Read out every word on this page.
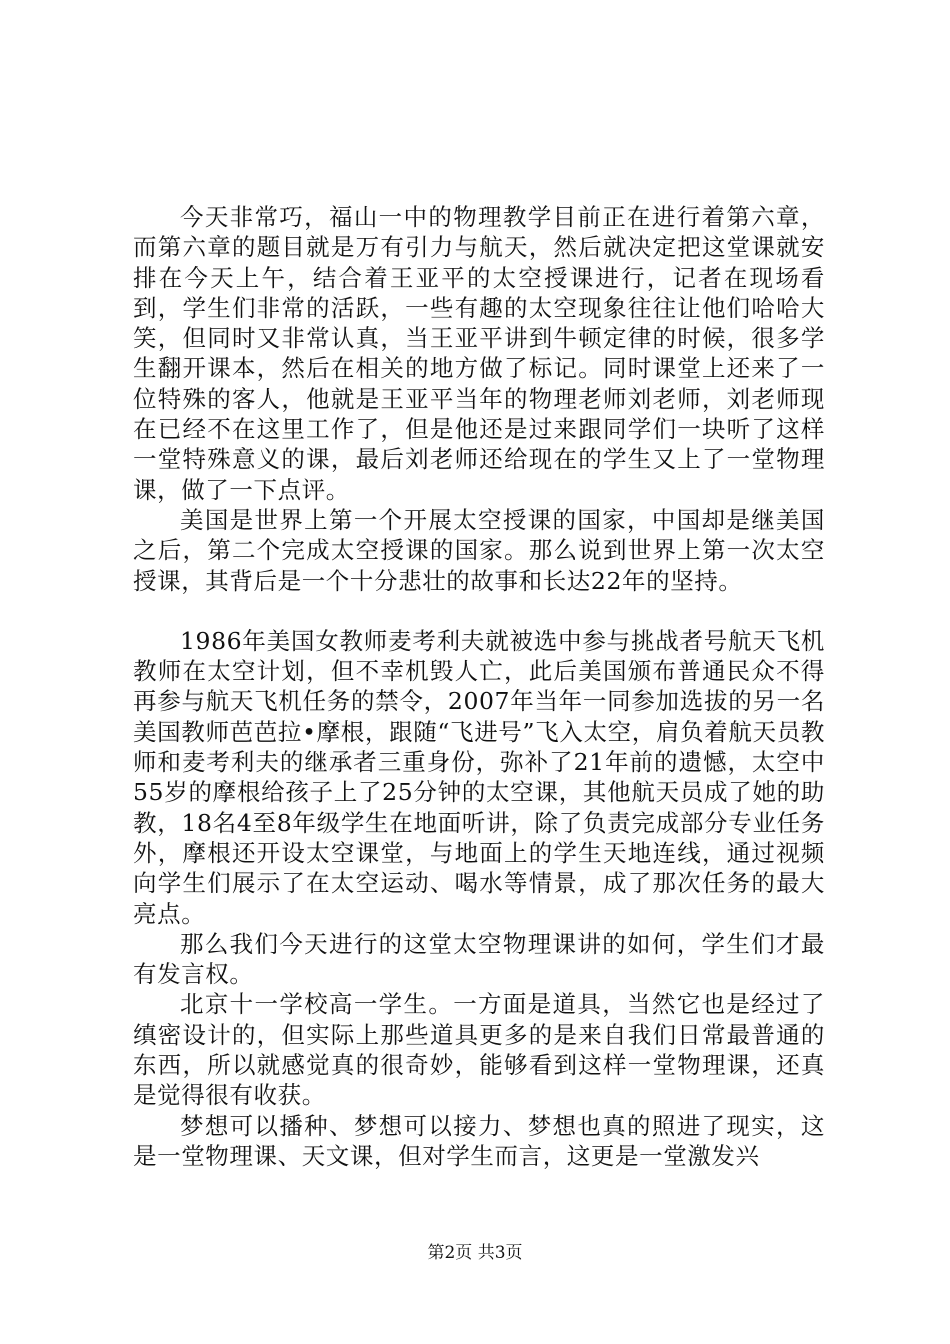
今天非常巧，福山一中的物理教学目前正在进行着第六章，而第六章的题目就是万有引力与航天，然后就决定把这堂课就安排在今天上午，结合着王亚平的太空授课进行，记者在现场看到，学生们非常的活跃，一些有趣的太空现象往往让他们哈哈大笑，但同时又非常认真，当王亚平讲到牛顿定律的时候，很多学生翻开课本，然后在相关的地方做了标记。同时课堂上还来了一位特殊的客人，他就是王亚平当年的物理老师刘老师，刘老师现在已经不在这里工作了，但是他还是过来跟同学们一块听了这样一堂特殊意义的课，最后刘老师还给现在的学生又上了一堂物理课，做了一下点评。

美国是世界上第一个开展太空授课的国家，中国却是继美国之后，第二个完成太空授课的国家。那么说到世界上第一次太空授课，其背后是一个十分悲壮的故事和长达22年的坚持。

1986年美国女教师麦考利夫就被选中参与挑战者号航天飞机教师在太空计划，但不幸机毁人亡，此后美国颁布普通民众不得再参与航天飞机任务的禁令，2007年当年一同参加选拔的另一名美国教师芭芭拉•摩根，跟随“飞进号”飞入太空，肩负着航天员教师和麦考利夫的继承者三重身份，弥补了21年前的遗憾，太空中55岁的摩根给孩子上了25分钟的太空课，其他航天员成了她的助教，18名4至8年级学生在地面听讲，除了负责完成部分专业任务外，摩根还开设太空课堂，与地面上的学生天地连线，通过视频向学生们展示了在太空运动、喝水等情景，成了那次任务的最大亮点。

那么我们今天进行的这堂太空物理课讲的如何，学生们才最有发言权。

北京十一学校高一学生。一方面是道具，当然它也是经过了缜密设计的，但实际上那些道具更多的是来自我们日常最普通的东西，所以就感觉真的很奇妙，能够看到这样一堂物理课，还真是觉得很有收获。

梦想可以播种、梦想可以接力、梦想也真的照进了现实，这是一堂物理课、天文课，但对学生而言，这更是一堂激发兴

第2页 共3页
